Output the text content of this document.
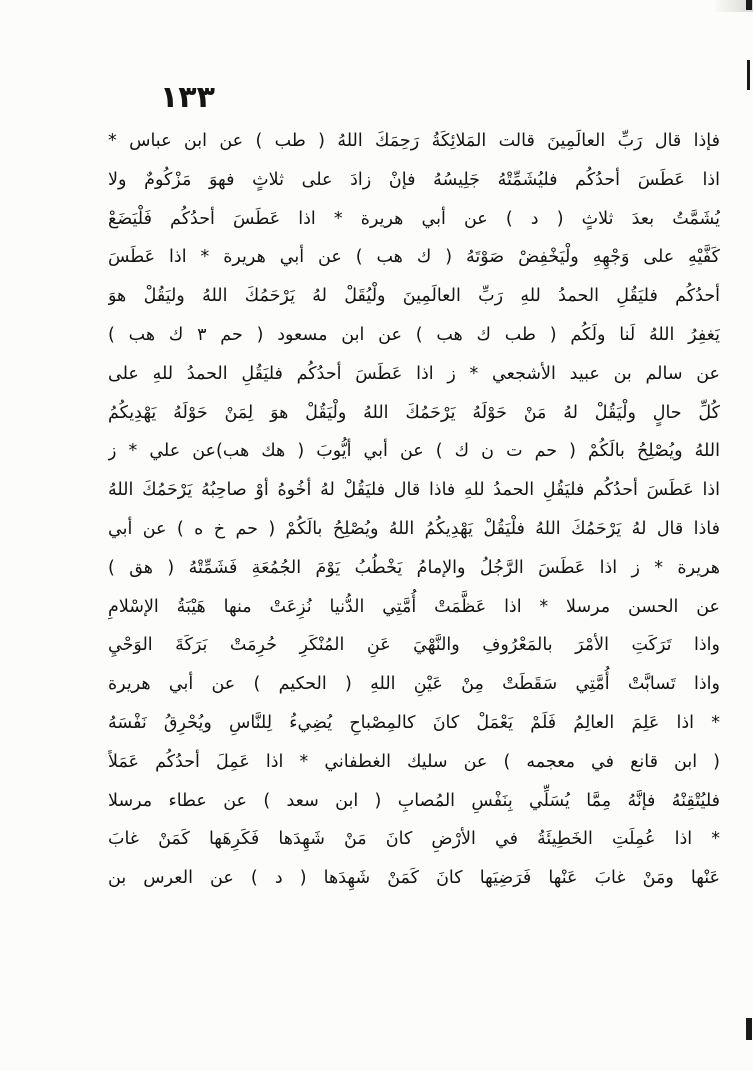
١٣٣
فإذا قال رَبِّ العالَمِينَ قالت المَلائِكَةُ رَحِمَكَ اللهُ ( طب ) عن ابن عباس *
اذا عَطَسَ أحدُكُم فليُشَمِّتْهُ جَلِيسُهُ فإنْ زادَ على ثلاثٍ فهوَ مَزْكُومٌ ولا
يُشَمَّتُ بعدَ ثلاثٍ ( د ) عن أبي هريرة * اذا عَطَسَ أحدُكُم فَلْيَضَعْ
كَفَّيْهِ على وَجْهِهِ ولْيَخْفِضْ صَوْتَهُ ( ك هب ) عن أبي هريرة * اذا عَطَسَ
أحدُكُم فليَقُلِ الحمدُ للهِ رَبِّ العالَمِينَ ولْيُقَلْ لهُ يَرْحَمُكَ اللهُ وليَقُلْ هوَ
يَغفِرُ اللهُ لَنا ولَكُم ( طب ك هب ) عن ابن مسعود ( حم ٣ ك هب )
عن سالم بن عبيد الأشجعي * ز اذا عَطَسَ أحدُكُم فليَقُلِ الحمدُ للهِ على
كُلِّ حالٍ ولْيَقُلْ لهُ مَنْ حَوْلَهُ يَرْحَمُكَ اللهُ ولْيَقُلْ هوَ لِمَنْ حَوْلَهُ يَهْدِيكُمُ
اللهُ ويُصْلِحُ بالَكُمْ ( حم ت ن ك ) عن أبي أيُّوبَ ( هك هب)عن علي * ز
اذا عَطَسَ أحدُكُم فليَقُلِ الحمدُ للهِ فاذا قال فليَقُلْ لهُ أخُوهُ أوْ صاحِبُهُ يَرْحَمُكَ اللهُ
فاذا قال لهُ يَرْحَمُكَ اللهُ فلْيَقُلْ يَهْدِيكُمُ اللهُ ويُصْلِحُ بالَكُمْ ( حم خ ه ) عن أبي
هريرة * ز اذا عَطَسَ الرَّجُلُ والإمامُ يَخْطُبُ يَوْمَ الجُمُعَةِ فَشَمِّتْهُ ( هق )
عن الحسن مرسلا * اذا عَظَّمَتْ أُمَّتِي الدُّنيا نُزِعَتْ منها هَيْبَةُ الإسْلامِ
واذا تَرَكَتِ الأمْرَ بالمَعْرُوفِ والنَّهْيَ عَنِ المُنْكَرِ حُرِمَتْ بَرَكَةَ الوَحْيِ
واذا تَسابَّتْ أُمَّتِي سَقَطَتْ مِنْ عَيْنِ اللهِ ( الحكيم ) عن أبي هريرة
* اذا عَلِمَ العالِمُ فَلَمْ يَعْمَلْ كانَ كالمِصْباحِ يُضِيءُ لِلنَّاسِ ويُحْرِقُ نَفْسَهُ
( ابن قانع في معجمه ) عن سليك الغطفاني * اذا عَمِلَ أحدُكُم عَمَلاً
فليُتْقِنْهُ فإنَّهُ مِمَّا يُسَلِّي بِنَفْسِ المُصابِ ( ابن سعد ) عن عطاء مرسلا
* اذا عُمِلَتِ الخَطِيئَةُ في الأرْضِ كانَ مَنْ شَهِدَها فَكَرِهَها كَمَنْ غابَ
عَنْها ومَنْ غابَ عَنْها فَرَضِيَها كانَ كَمَنْ شَهِدَها ( د ) عن العرس بن
